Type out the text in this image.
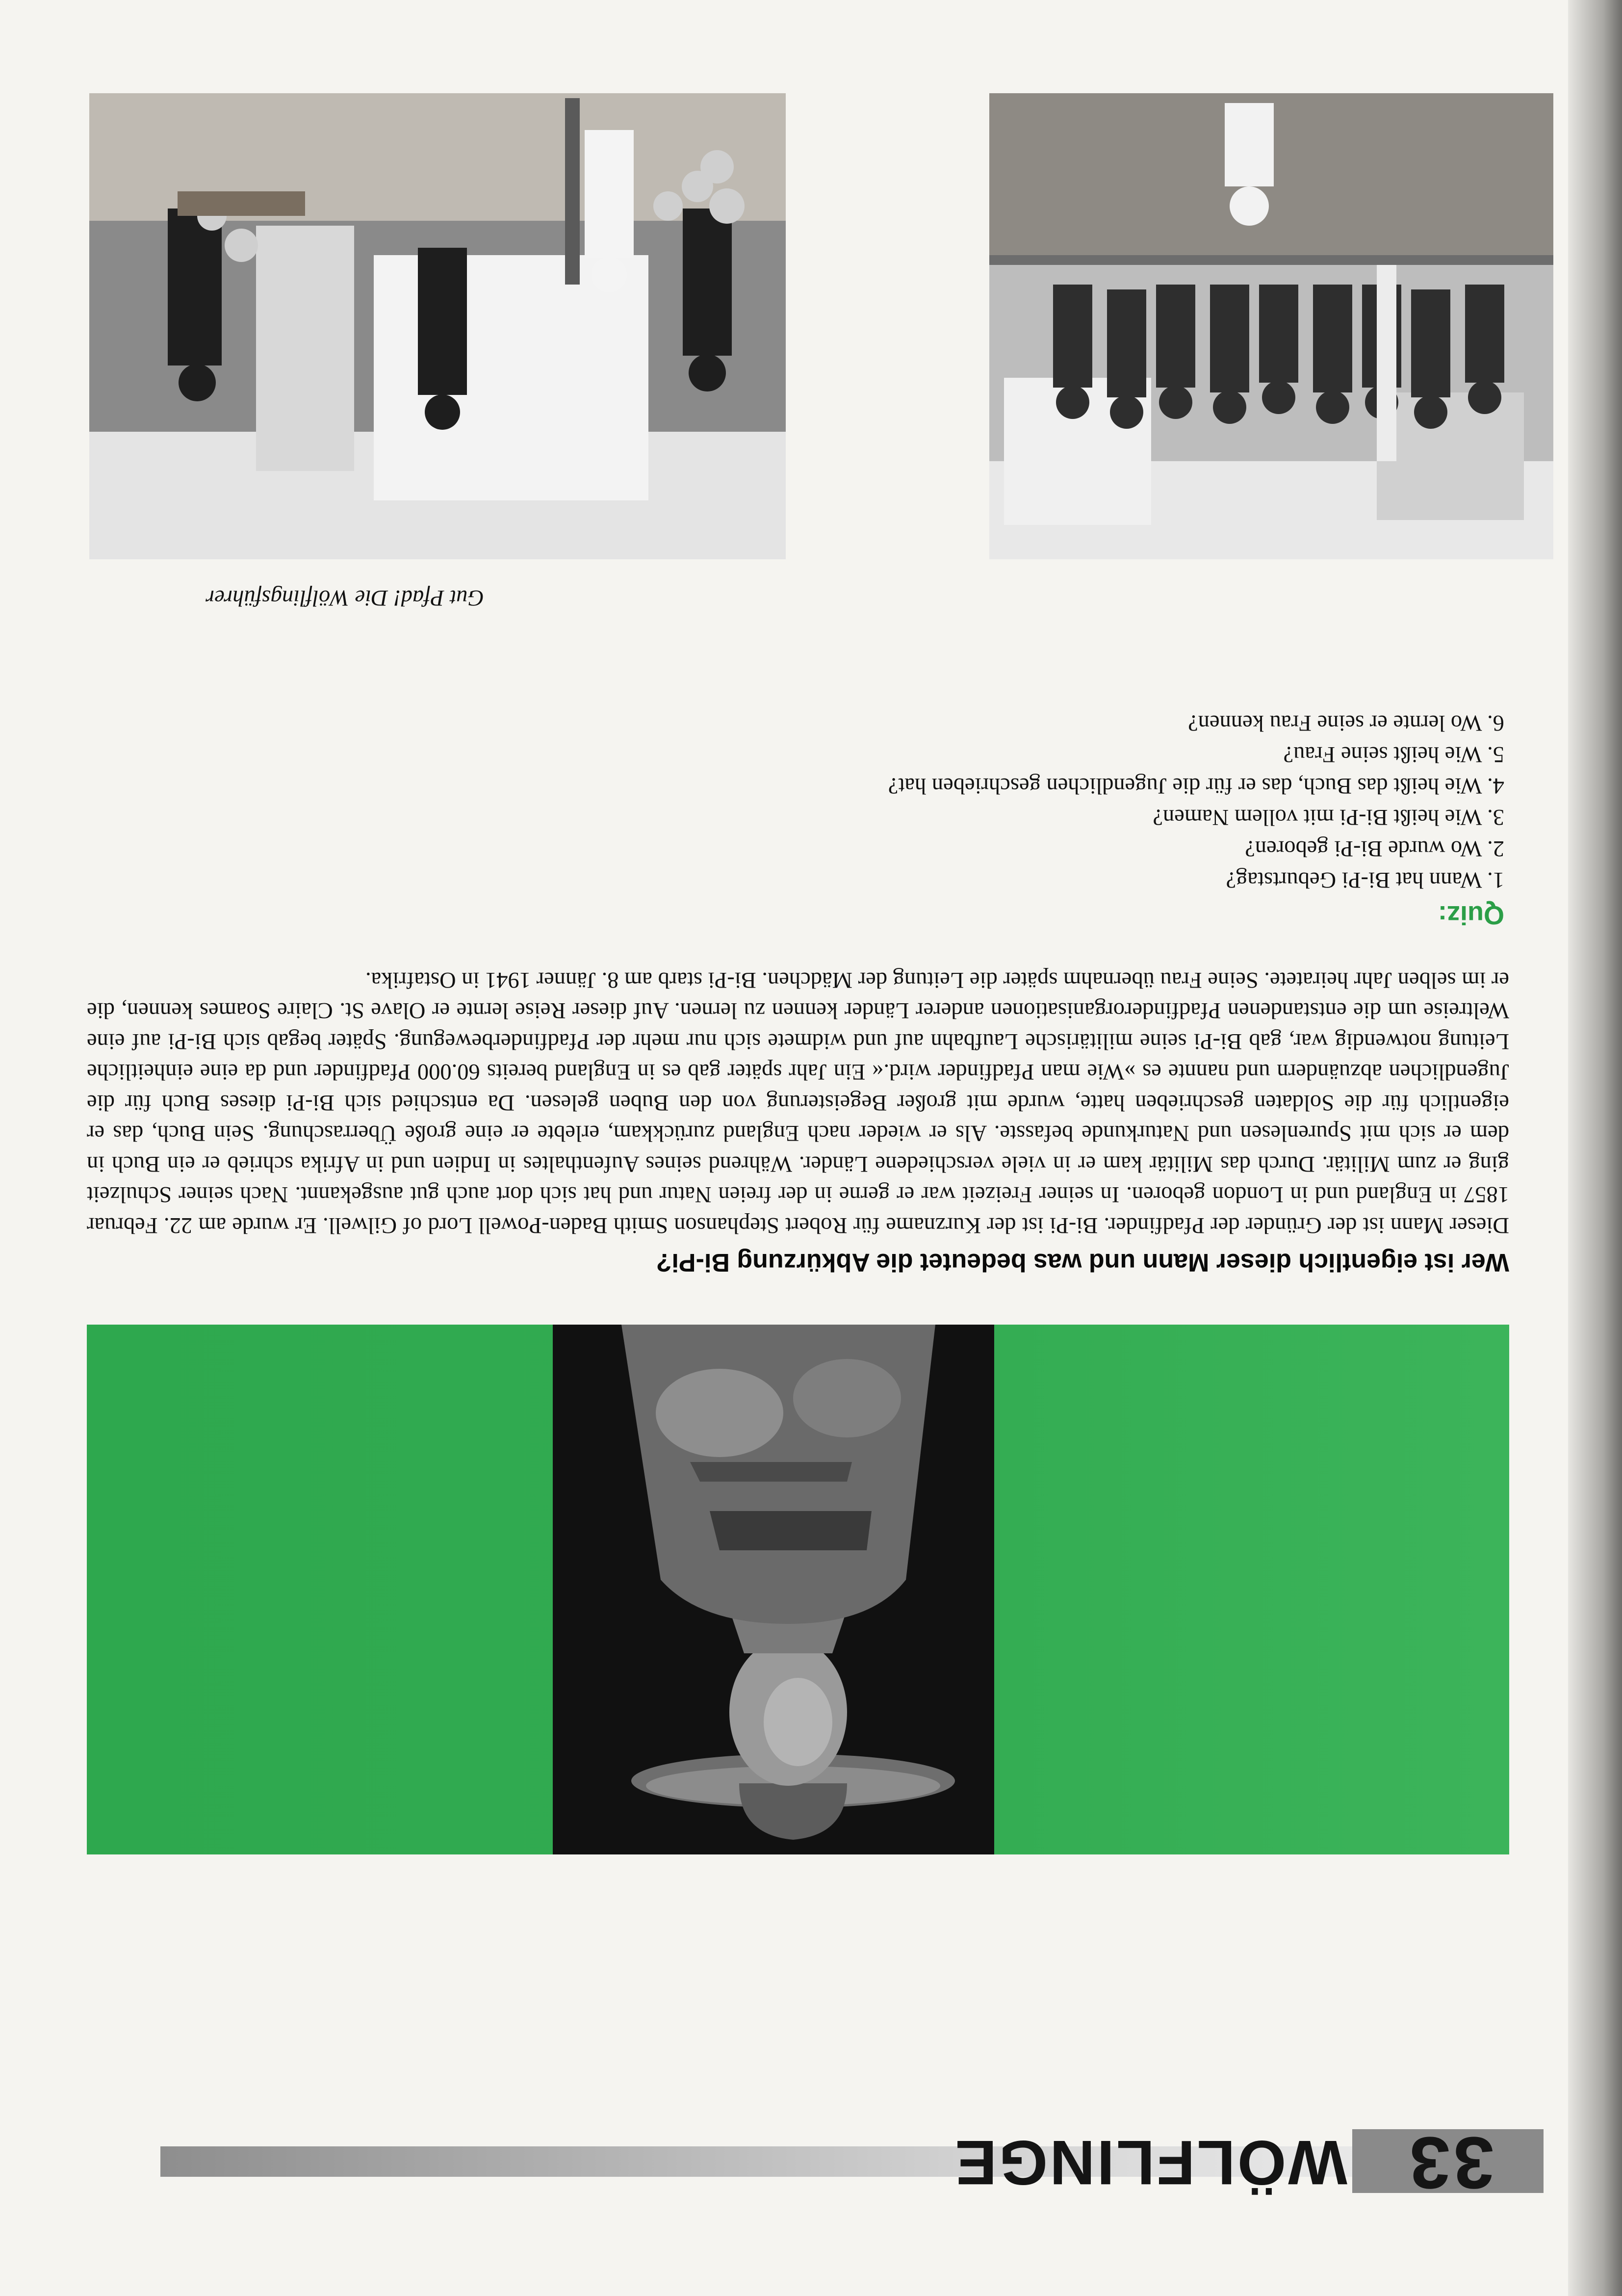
33
WÖLFLINGE
Wer ist eigentlich dieser Mann und was bedeutet die Abkürzung Bi-Pi?

Dieser Mann ist der Gründer der Pfadfinder. Bi-Pi ist der Kurzname für Robert Stephanson Smith Baden-Powell Lord of Gilwell. Er wurde am 22. Februar 1857 in England und in London geboren. In seiner Freizeit war er gerne in der freien Natur und hat sich dort auch gut ausgekannt. Nach seiner Schulzeit ging er zum Militär. Durch das Militär kam er in viele verschiedene Länder. Während seines Aufenthaltes in Indien und in Afrika schrieb er ein Buch in dem er sich mit Spurenlesen und Naturkunde befasste. Als er wieder nach England zurückkam, erlebte er eine große Überraschung. Sein Buch, das er eigentlich für die Soldaten geschrieben hatte, wurde mit großer Begeisterung von den Buben gelesen. Da entschied sich Bi-Pi dieses Buch für die Jugendlichen abzuändern und nannte es »Wie man Pfadfinder wird.« Ein Jahr später gab es in England bereits 60.000 Pfadfinder und da eine einheitliche Leitung notwendig war, gab Bi-Pi seine militärische Laufbahn auf und widmete sich nur mehr der Pfadfinderbewegung. Später begab sich Bi-Pi auf eine Weltreise um die entstandenen Pfadfinderorganisationen anderer Länder kennen zu lernen. Auf dieser Reise lernte er Olave St. Claire Soames kennen, die er im selben Jahr heiratete. Seine Frau übernahm später die Leitung der Mädchen. Bi-Pi starb am 8. Jänner 1941 in Ostafrika.

Quiz:
1. Wann hat Bi-Pi Geburtstag?
2. Wo wurde Bi-Pi geboren?
3. Wie heißt Bi-Pi mit vollem Namen?
4. Wie heißt das Buch, das er für die Jugendlichen geschrieben hat?
5. Wie heißt seine Frau?
6. Wo lernte er seine Frau kennen?
Gut Pfad! Die Wölflingsführer
